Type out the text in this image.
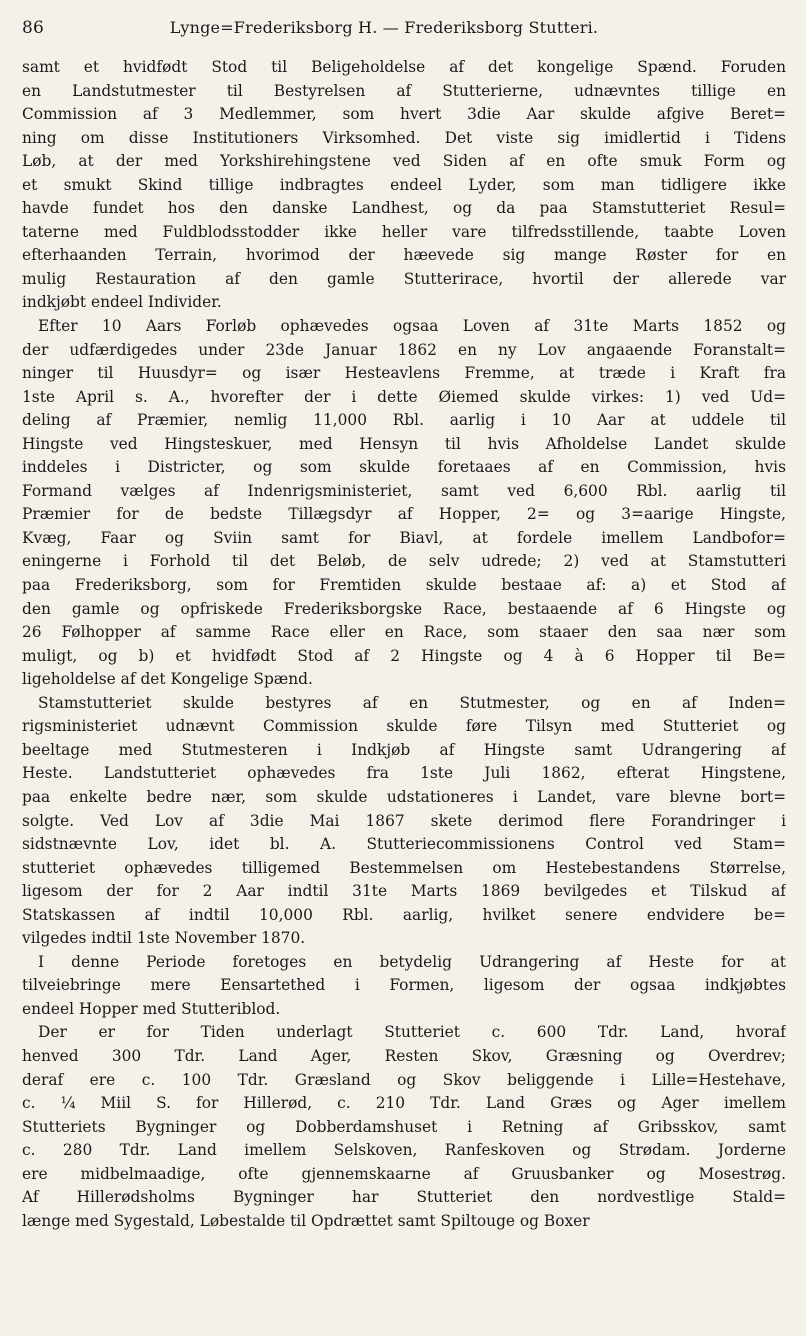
86	Lynge=Frederiksborg H. — Frederiksborg Stutteri.
samt et hvidfødt Stod til Beligeholdelse af det kongelige Spænd. Foruden
en Landstutmester til Bestyrelsen af Stutterierne, udnævntes tillige en
Commission af 3 Medlemmer, som hvert 3die Aar skulde afgive Beret=
ning om disse Institutioners Virksomhed. Det viste sig imidlertid i Tidens
Løb, at der med Yorkshirehingstene ved Siden af en ofte smuk Form og
et smukt Skind tillige indbragtes endeel Lyder, som man tidligere ikke
havde fundet hos den danske Landhest, og da paa Stamstutteriet Resul=
taterne med Fuldblodsstodder ikke heller vare tilfredsstillende, taabte Loven
efterhaanden Terrain, hvorimod der hæevede sig mange Røster for en
mulig Restauration af den gamle Stutterirace, hvortil der allerede var
indkjøbt endeel Individer.
Efter 10 Aars Forløb ophævedes ogsaa Loven af 31te Marts 1852 og
der udfærdigedes under 23de Januar 1862 en ny Lov angaaende Foranstalt=
ninger til Huusdyr= og især Hesteavlens Fremme, at træde i Kraft fra
1ste April s. A., hvorefter der i dette Øiemed skulde virkes: 1) ved Ud=
deling af Præmier, nemlig 11,000 Rbl. aarlig i 10 Aar at uddele til
Hingste ved Hingsteskuer, med Hensyn til hvis Afholdelse Landet skulde
inddeles i Districter, og som skulde foretaaes af en Commission, hvis
Formand vælges af Indenrigsministeriet, samt ved 6,600 Rbl. aarlig til
Præmier for de bedste Tillægsdyr af Hopper, 2= og 3=aarige Hingste,
Kvæg, Faar og Sviin samt for Biavl, at fordele imellem Landbofor=
eningerne i Forhold til det Beløb, de selv udrede; 2) ved at Stamstutteri
paa Frederiksborg, som for Fremtiden skulde bestaae af: a) et Stod af
den gamle og opfriskede Frederiksborgske Race, bestaaende af 6 Hingste og
26 Følhopper af samme Race eller en Race, som staaer den saa nær som
muligt, og b) et hvidfødt Stod af 2 Hingste og 4 à 6 Hopper til Be=
ligeholdelse af det Kongelige Spænd.
Stamstutteriet skulde bestyres af en Stutmester, og en af Inden=
rigsministeriet udnævnt Commission skulde føre Tilsyn med Stutteriet og
beeltage med Stutmesteren i Indkjøb af Hingste samt Udrangering af
Heste. Landstutteriet ophævedes fra 1ste Juli 1862, efterat Hingstene,
paa enkelte bedre nær, som skulde udstationeres i Landet, vare blevne bort=
solgte. Ved Lov af 3die Mai 1867 skete derimod flere Forandringer i
sidstnævnte Lov, idet bl. A. Stutteriecommissionens Control ved Stam=
stutteriet ophævedes tilligemed Bestemmelsen om Hestebestandens Størrelse,
ligesom der for 2 Aar indtil 31te Marts 1869 bevilgedes et Tilskud af
Statskassen af indtil 10,000 Rbl. aarlig, hvilket senere endvidere be=
vilgedes indtil 1ste November 1870.
I denne Periode foretoges en betydelig Udrangering af Heste for at
tilveiebringe mere Eensartethed i Formen, ligesom der ogsaa indkjøbtes
endeel Hopper med Stutteriblod.
Der er for Tiden underlagt Stutteriet c. 600 Tdr. Land, hvoraf
henved 300 Tdr. Land Ager, Resten Skov, Græsning og Overdrev;
deraf ere c. 100 Tdr. Græsland og Skov beliggende i Lille=Hestehave,
c. ¼ Miil S. for Hillerød, c. 210 Tdr. Land Græs og Ager imellem
Stutteriets Bygninger og Dobberdamshuset i Retning af Gribsskov, samt
c. 280 Tdr. Land imellem Selskoven, Ranfeskoven og Strødam. Jorderne
ere midbelmaadige, ofte gjennemskaarne af Gruusbanker og Mosestrøg.
Af Hillerødsholms Bygninger har Stutteriet den nordvestlige Stald=
længe med Sygestald, Løbestalde til Opdrættet samt Spiltouge og Boxer
